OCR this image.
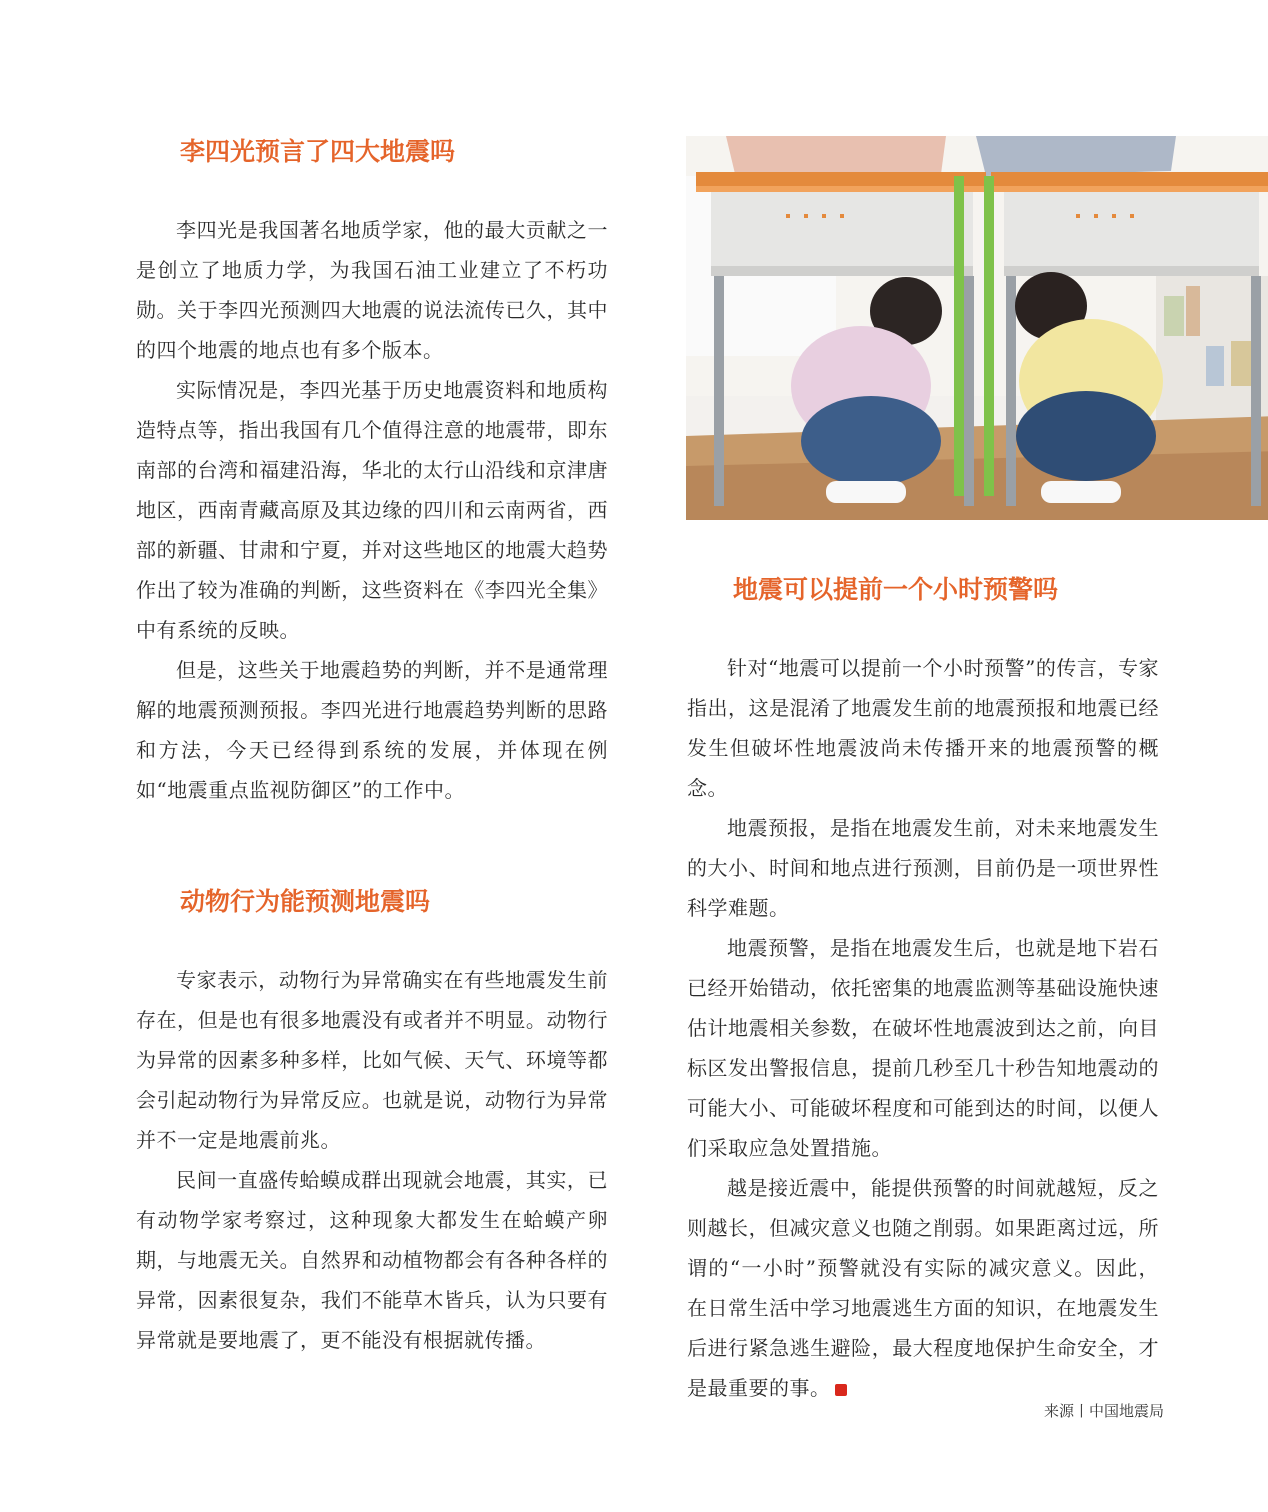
李四光预言了四大地震吗

李四光是我国著名地质学家，他的最大贡献之一是创立了地质力学，为我国石油工业建立了不朽功勋。关于李四光预测四大地震的说法流传已久，其中的四个地震的地点也有多个版本。

实际情况是，李四光基于历史地震资料和地质构造特点等，指出我国有几个值得注意的地震带，即东南部的台湾和福建沿海，华北的太行山沿线和京津唐地区，西南青藏高原及其边缘的四川和云南两省，西部的新疆、甘肃和宁夏，并对这些地区的地震大趋势作出了较为准确的判断，这些资料在《李四光全集》中有系统的反映。

但是，这些关于地震趋势的判断，并不是通常理解的地震预测预报。李四光进行地震趋势判断的思路和方法，今天已经得到系统的发展，并体现在例如“地震重点监视防御区”的工作中。

动物行为能预测地震吗

专家表示，动物行为异常确实在有些地震发生前存在，但是也有很多地震没有或者并不明显。动物行为异常的因素多种多样，比如气候、天气、环境等都会引起动物行为异常反应。也就是说，动物行为异常并不一定是地震前兆。

民间一直盛传蛤蟆成群出现就会地震，其实，已有动物学家考察过，这种现象大都发生在蛤蟆产卵期，与地震无关。自然界和动植物都会有各种各样的异常，因素很复杂，我们不能草木皆兵，认为只要有异常就是要地震了，更不能没有根据就传播。

地震可以提前一个小时预警吗

针对“地震可以提前一个小时预警”的传言，专家指出，这是混淆了地震发生前的地震预报和地震已经发生但破坏性地震波尚未传播开来的地震预警的概念。

地震预报，是指在地震发生前，对未来地震发生的大小、时间和地点进行预测，目前仍是一项世界性科学难题。

地震预警，是指在地震发生后，也就是地下岩石已经开始错动，依托密集的地震监测等基础设施快速估计地震相关参数，在破坏性地震波到达之前，向目标区发出警报信息，提前几秒至几十秒告知地震动的可能大小、可能破坏程度和可能到达的时间，以便人们采取应急处置措施。

越是接近震中，能提供预警的时间就越短，反之则越长，但减灾意义也随之削弱。如果距离过远，所谓的“一小时”预警就没有实际的减灾意义。因此，在日常生活中学习地震逃生方面的知识，在地震发生后进行紧急逃生避险，最大程度地保护生命安全，才是最重要的事。

来源丨中国地震局
